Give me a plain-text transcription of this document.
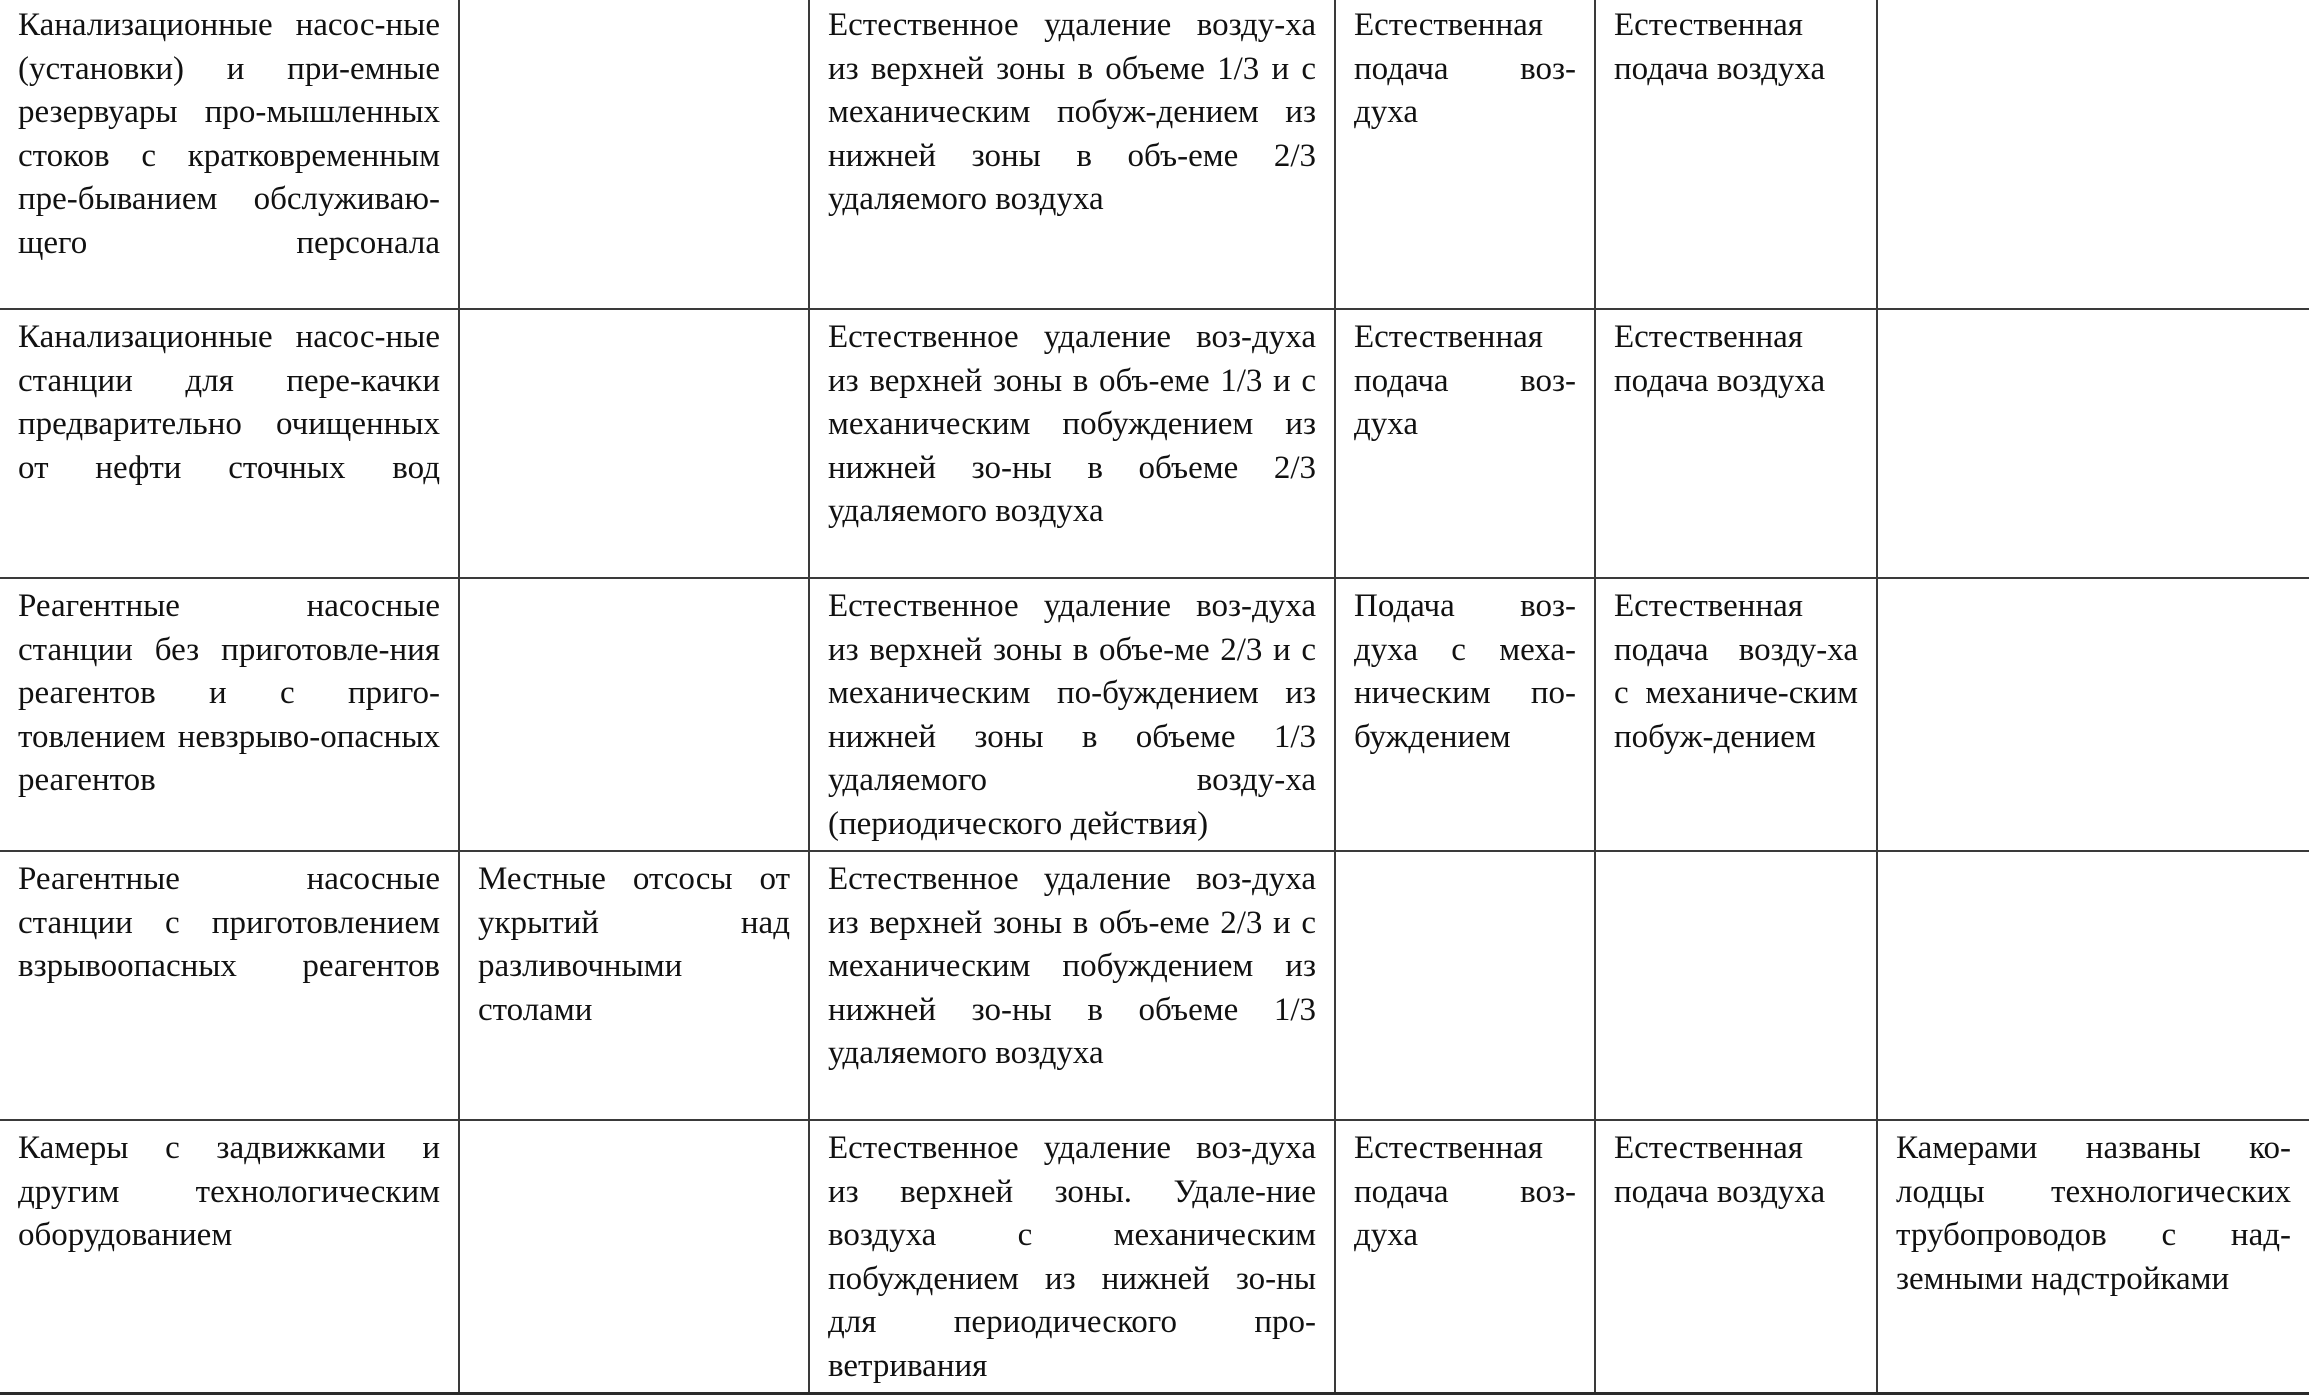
Канализационные насос-ные (установки) и при-емные резервуары про-мышленных стоков с кратковременным пре-быванием обслуживаю-щего персонала		Естественное удаление возду-ха из верхней зоны в объеме 1/3 и с механическим побуж-дением из нижней зоны в объ-еме 2/3 удаляемого воздуха	Естественная подача воз-духа	Естественная подача воздуха	
Канализационные насос-ные станции для пере-качки предварительно очищенных от нефти сточных вод		Естественное удаление воз-духа из верхней зоны в объ-еме 1/3 и с механическим побуждением из нижней зо-ны в объеме 2/3 удаляемого воздуха	Естественная подача воз-духа	Естественная подача воздуха	
Реагентные насосные станции без приготовле-ния реагентов и с приго-товлением невзрыво-опасных реагентов		Естественное удаление воз-духа из верхней зоны в объе-ме 2/3 и с механическим по-буждением из нижней зоны в объеме 1/3 удаляемого возду-ха (периодического действия)	Подача воз-духа с меха-ническим по-буждением	Естественная подача возду-ха с механиче-ским побуж-дением	
Реагентные насосные станции с приготовлением взрывоопасных реагентов	Местные отсосы от укрытий над разливочными столами	Естественное удаление воз-духа из верхней зоны в объ-еме 2/3 и с механическим побуждением из нижней зо-ны в объеме 1/3 удаляемого воздуха			
Камеры с задвижками и другим технологическим оборудованием		Естественное удаление воз-духа из верхней зоны. Удале-ние воздуха с механическим побуждением из нижней зо-ны для периодического про-ветривания	Естественная подача воз-духа	Естественная подача воздуха	Камерами названы ко-лодцы технологических трубопроводов с над-земными надстройками
